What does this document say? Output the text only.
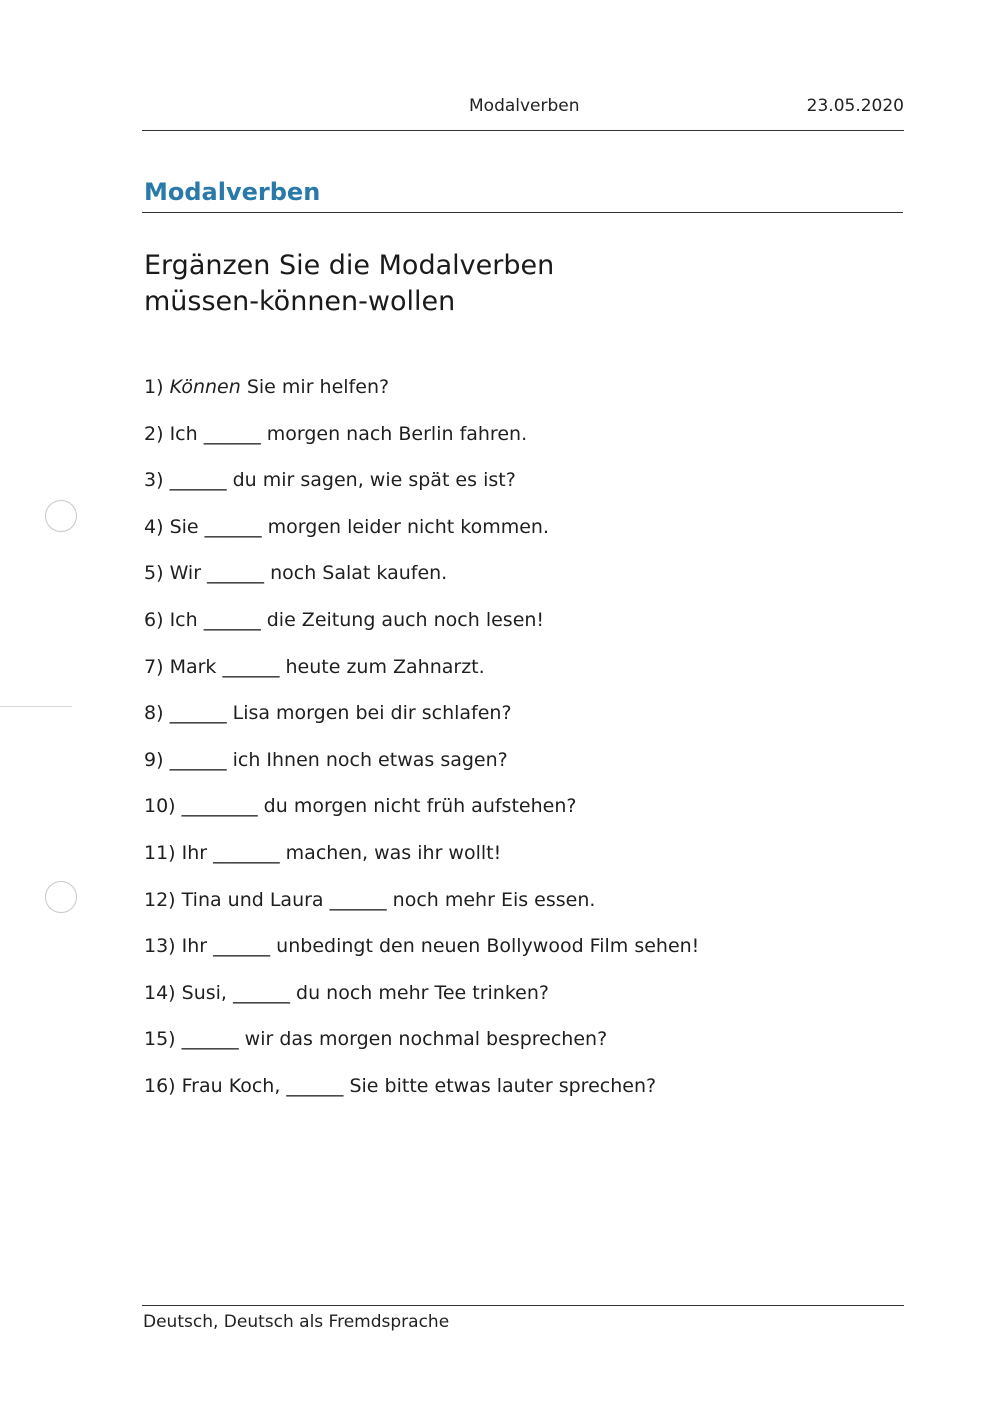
Modalverben	23.05.2020
Modalverben
Ergänzen Sie die Modalverben
müssen-können-wollen
1) Können Sie mir helfen?
2) Ich ______ morgen nach Berlin fahren.
3) ______ du mir sagen, wie spät es ist?
4) Sie ______ morgen leider nicht kommen.
5) Wir ______ noch Salat kaufen.
6) Ich ______ die Zeitung auch noch lesen!
7) Mark ______ heute zum Zahnarzt.
8) ______ Lisa morgen bei dir schlafen?
9) ______ ich Ihnen noch etwas sagen?
10) ________ du morgen nicht früh aufstehen?
11) Ihr _______ machen, was ihr wollt!
12) Tina und Laura ______ noch mehr Eis essen.
13) Ihr ______ unbedingt den neuen Bollywood Film sehen!
14) Susi, ______ du noch mehr Tee trinken?
15) ______ wir das morgen nochmal besprechen?
16) Frau Koch, ______ Sie bitte etwas lauter sprechen?
Deutsch, Deutsch als Fremdsprache
